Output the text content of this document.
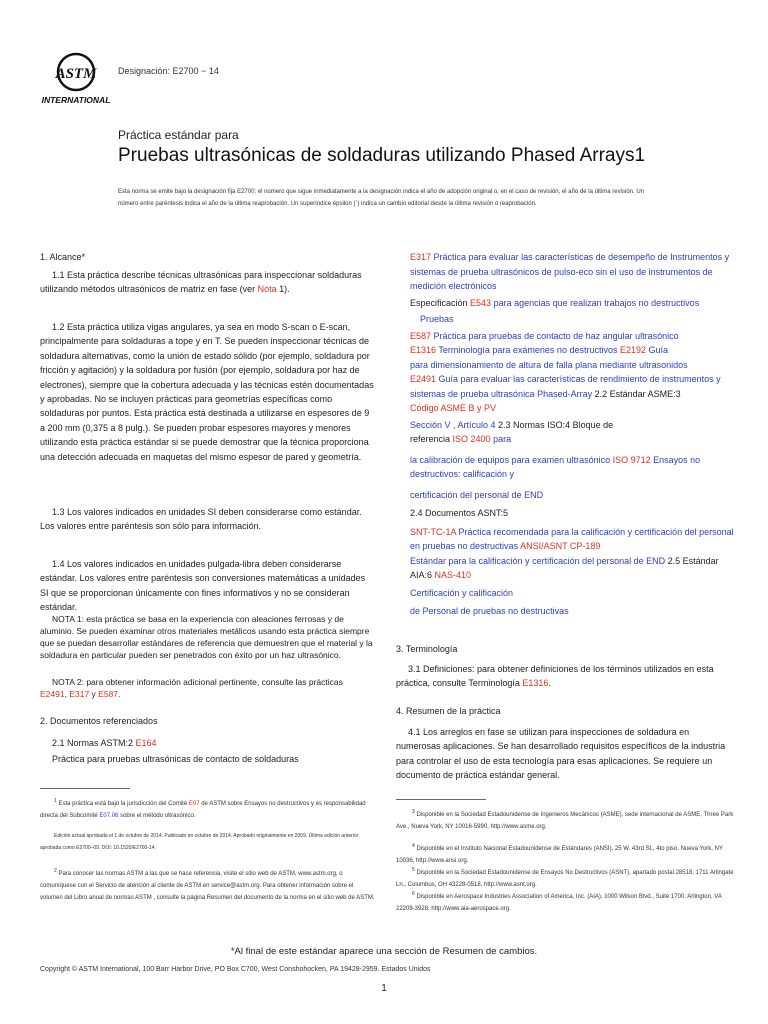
ASTM
INTERNATIONAL
Designación: E2700 − 14
Práctica estándar para
Pruebas ultrasónicas de soldaduras utilizando Phased Arrays1
Esta norma se emite bajo la designación fija E2700; el número que sigue inmediatamente a la designación indica el año de adopción original o, en el caso de revisión, el año de la última revisión. Un número entre paréntesis indica el año de la última reaprobación. Un superíndice épsilon (´) indica un cambio editorial desde la última revisión o reaprobación.
1. Alcance*
1.1 Esta práctica describe técnicas ultrasónicas para inspeccionar soldaduras utilizando métodos ultrasónicos de matriz en fase (ver Nota 1).
1.2 Esta práctica utiliza vigas angulares, ya sea en modo S-scan o E-scan, principalmente para soldaduras a tope y en T. Se pueden inspeccionar técnicas de soldadura alternativas, como la unión de estado sólido (por ejemplo, soldadura por fricción y agitación) y la soldadura por fusión (por ejemplo, soldadura por haz de electrones), siempre que la cobertura adecuada y las técnicas estén documentadas y aprobadas. No se incluyen prácticas para geometrías específicas como soldaduras por puntos. Esta práctica está destinada a utilizarse en espesores de 9 a 200 mm (0,375 a 8 pulg.). Se pueden probar espesores mayores y menores utilizando esta práctica estándar si se puede demostrar que la técnica proporciona una detección adecuada en maquetas del mismo espesor de pared y geometría.
1.3 Los valores indicados en unidades SI deben considerarse como estándar. Los valores entre paréntesis son sólo para información.
1.4 Los valores indicados en unidades pulgada-libra deben considerarse estándar. Los valores entre paréntesis son conversiones matemáticas a unidades SI que se proporcionan únicamente con fines informativos y no se consideran estándar.
NOTA 1: esta práctica se basa en la experiencia con aleaciones ferrosas y de aluminio. Se pueden examinar otros materiales metálicos usando esta práctica siempre que se puedan desarrollar estándares de referencia que demuestren que el material y la soldadura en particular pueden ser penetrados con éxito por un haz ultrasónico.
NOTA 2: para obtener información adicional pertinente, consulte las prácticas
E2491, E317 y E587.
2. Documentos referenciados
2.1 Normas ASTM:2 E164
Práctica para pruebas ultrasónicas de contacto de soldaduras
$^1$ Esta práctica está bajo la jurisdicción del Comité E07 de ASTM sobre Ensayos no destructivos y es responsabilidad directa del Subcomité E07.06 sobre el método ultrasónico.
Edición actual aprobada el 1 de octubre de 2014. Publicado en octubre de 2014. Aprobado originalmente en 2009. Última edición anterior aprobada como E2700–09. DOI: 10.1520/E2700-14.
$^2$ Para conocer las normas ASTM a las que se hace referencia, visite el sitio web de ASTM, www.astm.org, o comuníquese con el Servicio de atención al cliente de ASTM en service@astm.org. Para obtener información sobre el volumen del Libro anual de normas ASTM , consulte la página Resumen del documento de la norma en el sitio web de ASTM.
E317 Práctica para evaluar las características de desempeño de Instrumentos y sistemas de prueba ultrasónicos de pulso-eco sin el uso de instrumentos de medición electrónicos
Especificación E543 para agencias que realizan trabajos no destructivos
Pruebas
E587 Práctica para pruebas de contacto de haz angular ultrasónico
E1316 Terminología para exámenes no destructivos E2192 Guía
para dimensionamiento de altura de falla plana mediante ultrasonidos
E2491 Guía para evaluar las características de rendimiento de instrumentos y sistemas de prueba ultrasónica Phased-Array 2.2 Estándar ASME:3
Código ASME B y PV
Sección V , Artículo 4 2.3 Normas ISO:4 Bloque de
referencia ISO 2400 para
la calibración de equipos para examen ultrasónico ISO 9712 Ensayos no destructivos: calificación y
certificación del personal de END
2.4 Documentos ASNT:5
SNT-TC-1A Práctica recomendada para la calificación y certificación del personal en pruebas no destructivas ANSI/ASNT CP-189
Estándar para la calificación y certificación del personal de END 2.5 Estándar AIA:6 NAS-410
Certificación y calificación
de Personal de pruebas no destructivas
3. Terminología
3.1 Definiciones: para obtener definiciones de los términos utilizados en esta práctica, consulte Terminología E1316.
4. Resumen de la práctica
4.1 Los arreglos en fase se utilizan para inspecciones de soldadura en numerosas aplicaciones. Se han desarrollado requisitos específicos de la industria para controlar el uso de esta tecnología para esas aplicaciones. Se requiere un documento de práctica estándar general.
$^3$ Disponible en la Sociedad Estadounidense de Ingenieros Mecánicos (ASME), sede internacional de ASME, Three Park Ave., Nueva York, NY 10016-5990, http://www.asme.org.
$^4$ Disponible en el Instituto Nacional Estadounidense de Estándares (ANSI), 25 W. 43rd St., 4to piso, Nueva York, NY 10036, http://www.ansi.org.
$^5$ Disponible en la Sociedad Estadounidense de Ensayos No Destructivos (ASNT), apartado postal 28518, 1711 Arlingate Ln., Columbus, OH 43228-0518, http://www.asnt.org.
$^6$ Disponible en Aerospace Industries Association of America, Inc. (AIA), 1000 Wilson Blvd., Suite 1700, Arlington, VA 22209-3928, http://www.aia-aerospace.org.
*Al final de este estándar aparece una sección de Resumen de cambios.
Copyright © ASTM International, 100 Barr Harbor Drive, PO Box C700, West Conshohocken, PA 19428-2959. Estados Unidos
1
